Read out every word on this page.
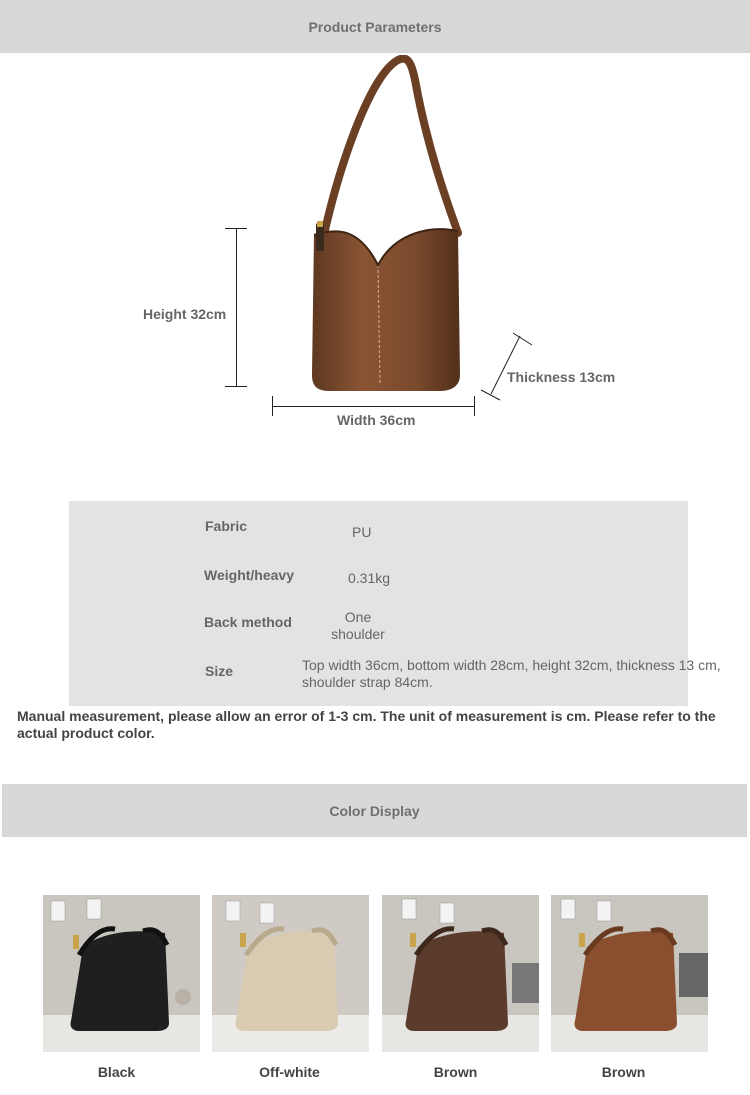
Product Parameters
Height 32cm
Width 36cm
Thickness 13cm
Fabric	PU
Weight/heavy	0.31kg
Back method	One shoulder
Size	Top width 36cm, bottom width 28cm, height 32cm, thickness 13 cm, shoulder strap 84cm.
Manual measurement, please allow an error of 1-3 cm. The unit of measurement is cm. Please refer to the actual product color.
Color Display
Black	Off-white	Brown	Brown
